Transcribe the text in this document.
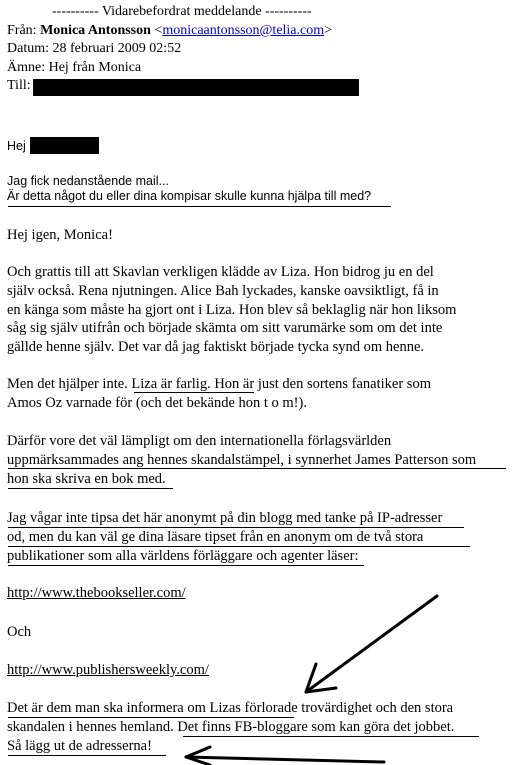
---------- Vidarebefordrat meddelande ----------
Från: Monica Antonsson <monicaantonsson@telia.com>
Datum: 28 februari 2009 02:52
Ämne: Hej från Monica
Till:
Hej
Jag fick nedanstående mail...
Är detta något du eller dina kompisar skulle kunna hjälpa till med?
Hej igen, Monica!
Och grattis till att Skavlan verkligen klädde av Liza. Hon bidrog ju en del
själv också. Rena njutningen. Alice Bah lyckades, kanske oavsiktligt, få in
en känga som måste ha gjort ont i Liza. Hon blev så beklaglig när hon liksom
såg sig själv utifrån och började skämta om sitt varumärke som om det inte
gällde henne själv. Det var då jag faktiskt började tycka synd om henne.
Men det hjälper inte. Liza är farlig. Hon är just den sortens fanatiker som
Amos Oz varnade för (och det bekände hon t o m!).
Därför vore det väl lämpligt om den internationella förlagsvärlden
uppmärksammades ang hennes skandalstämpel, i synnerhet James Patterson som
hon ska skriva en bok med.
Jag vågar inte tipsa det här anonymt på din blogg med tanke på IP-adresser
od, men du kan väl ge dina läsare tipset från en anonym om de två stora
publikationer som alla världens förläggare och agenter läser:
http://www.thebookseller.com/
Och
http://www.publishersweekly.com/
Det är dem man ska informera om Lizas förlorade trovärdighet och den stora
skandalen i hennes hemland. Det finns FB-bloggare som kan göra det jobbet.
Så lägg ut de adresserna!
